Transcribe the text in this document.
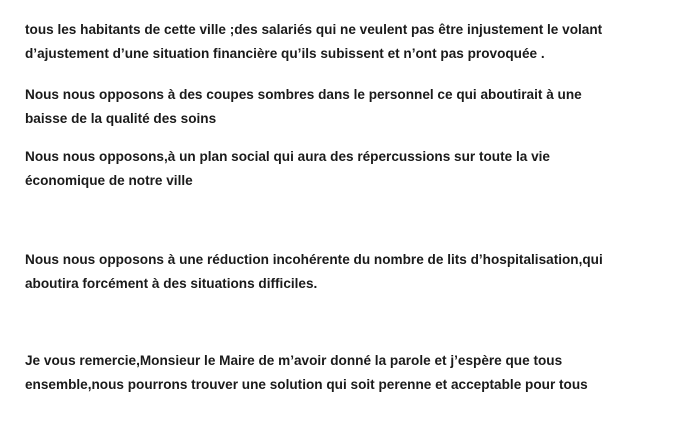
tous les habitants de cette ville ;des salariés qui ne veulent pas être injustement le volant
d’ajustement d’une situation financière qu’ils subissent et n’ont pas provoquée .

Nous nous opposons à des coupes sombres dans le personnel ce qui aboutirait à une
baisse de la qualité des soins

Nous nous opposons,à un plan social qui aura des répercussions sur toute la vie
économique de notre ville

Nous nous opposons à une réduction incohérente du nombre de lits d’hospitalisation,qui
aboutira forcément à des situations difficiles.

Je vous remercie,Monsieur le Maire de m’avoir donné la parole et j’espère que tous
ensemble,nous pourrons trouver une solution qui soit perenne et acceptable pour tous
